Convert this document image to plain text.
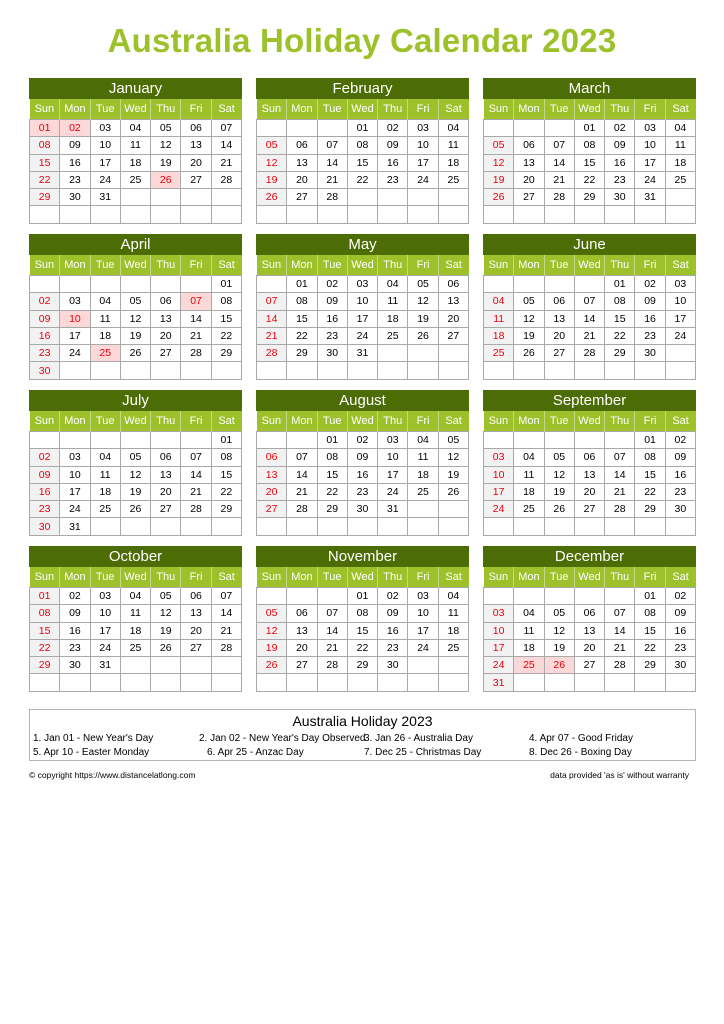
Australia Holiday Calendar 2023
January
Sun	Mon	Tue	Wed	Thu	Fri	Sat
01	02	03	04	05	06	07
08	09	10	11	12	13	14
15	16	17	18	19	20	21
22	23	24	25	26	27	28
29	30	31				

February
Sun	Mon	Tue	Wed	Thu	Fri	Sat
			01	02	03	04
05	06	07	08	09	10	11
12	13	14	15	16	17	18
19	20	21	22	23	24	25
26	27	28				

March
Sun	Mon	Tue	Wed	Thu	Fri	Sat
			01	02	03	04
05	06	07	08	09	10	11
12	13	14	15	16	17	18
19	20	21	22	23	24	25
26	27	28	29	30	31	

April
Sun	Mon	Tue	Wed	Thu	Fri	Sat
						01
02	03	04	05	06	07	08
09	10	11	12	13	14	15
16	17	18	19	20	21	22
23	24	25	26	27	28	29
30						
May
Sun	Mon	Tue	Wed	Thu	Fri	Sat
	01	02	03	04	05	06
07	08	09	10	11	12	13
14	15	16	17	18	19	20
21	22	23	24	25	26	27
28	29	30	31			

June
Sun	Mon	Tue	Wed	Thu	Fri	Sat
				01	02	03
04	05	06	07	08	09	10
11	12	13	14	15	16	17
18	19	20	21	22	23	24
25	26	27	28	29	30	

July
Sun	Mon	Tue	Wed	Thu	Fri	Sat
						01
02	03	04	05	06	07	08
09	10	11	12	13	14	15
16	17	18	19	20	21	22
23	24	25	26	27	28	29
30	31					
August
Sun	Mon	Tue	Wed	Thu	Fri	Sat
		01	02	03	04	05
06	07	08	09	10	11	12
13	14	15	16	17	18	19
20	21	22	23	24	25	26
27	28	29	30	31		

September
Sun	Mon	Tue	Wed	Thu	Fri	Sat
					01	02
03	04	05	06	07	08	09
10	11	12	13	14	15	16
17	18	19	20	21	22	23
24	25	26	27	28	29	30

October
Sun	Mon	Tue	Wed	Thu	Fri	Sat
01	02	03	04	05	06	07
08	09	10	11	12	13	14
15	16	17	18	19	20	21
22	23	24	25	26	27	28
29	30	31				

November
Sun	Mon	Tue	Wed	Thu	Fri	Sat
			01	02	03	04
05	06	07	08	09	10	11
12	13	14	15	16	17	18
19	20	21	22	23	24	25
26	27	28	29	30		

December
Sun	Mon	Tue	Wed	Thu	Fri	Sat
					01	02
03	04	05	06	07	08	09
10	11	12	13	14	15	16
17	18	19	20	21	22	23
24	25	26	27	28	29	30
31						
Australia Holiday 2023
1. Jan 01 - New Year's Day	2. Jan 02 - New Year's Day Observed
3. Jan 26 - Australia Day	4. Apr 07 - Good Friday
5. Apr 10 - Easter Monday	6. Apr 25 - Anzac Day	7. Dec 25 - Christmas Day	8. Dec 26 - Boxing Day
© copyright https://www.distancelatlong.com	data provided 'as is' without warranty
